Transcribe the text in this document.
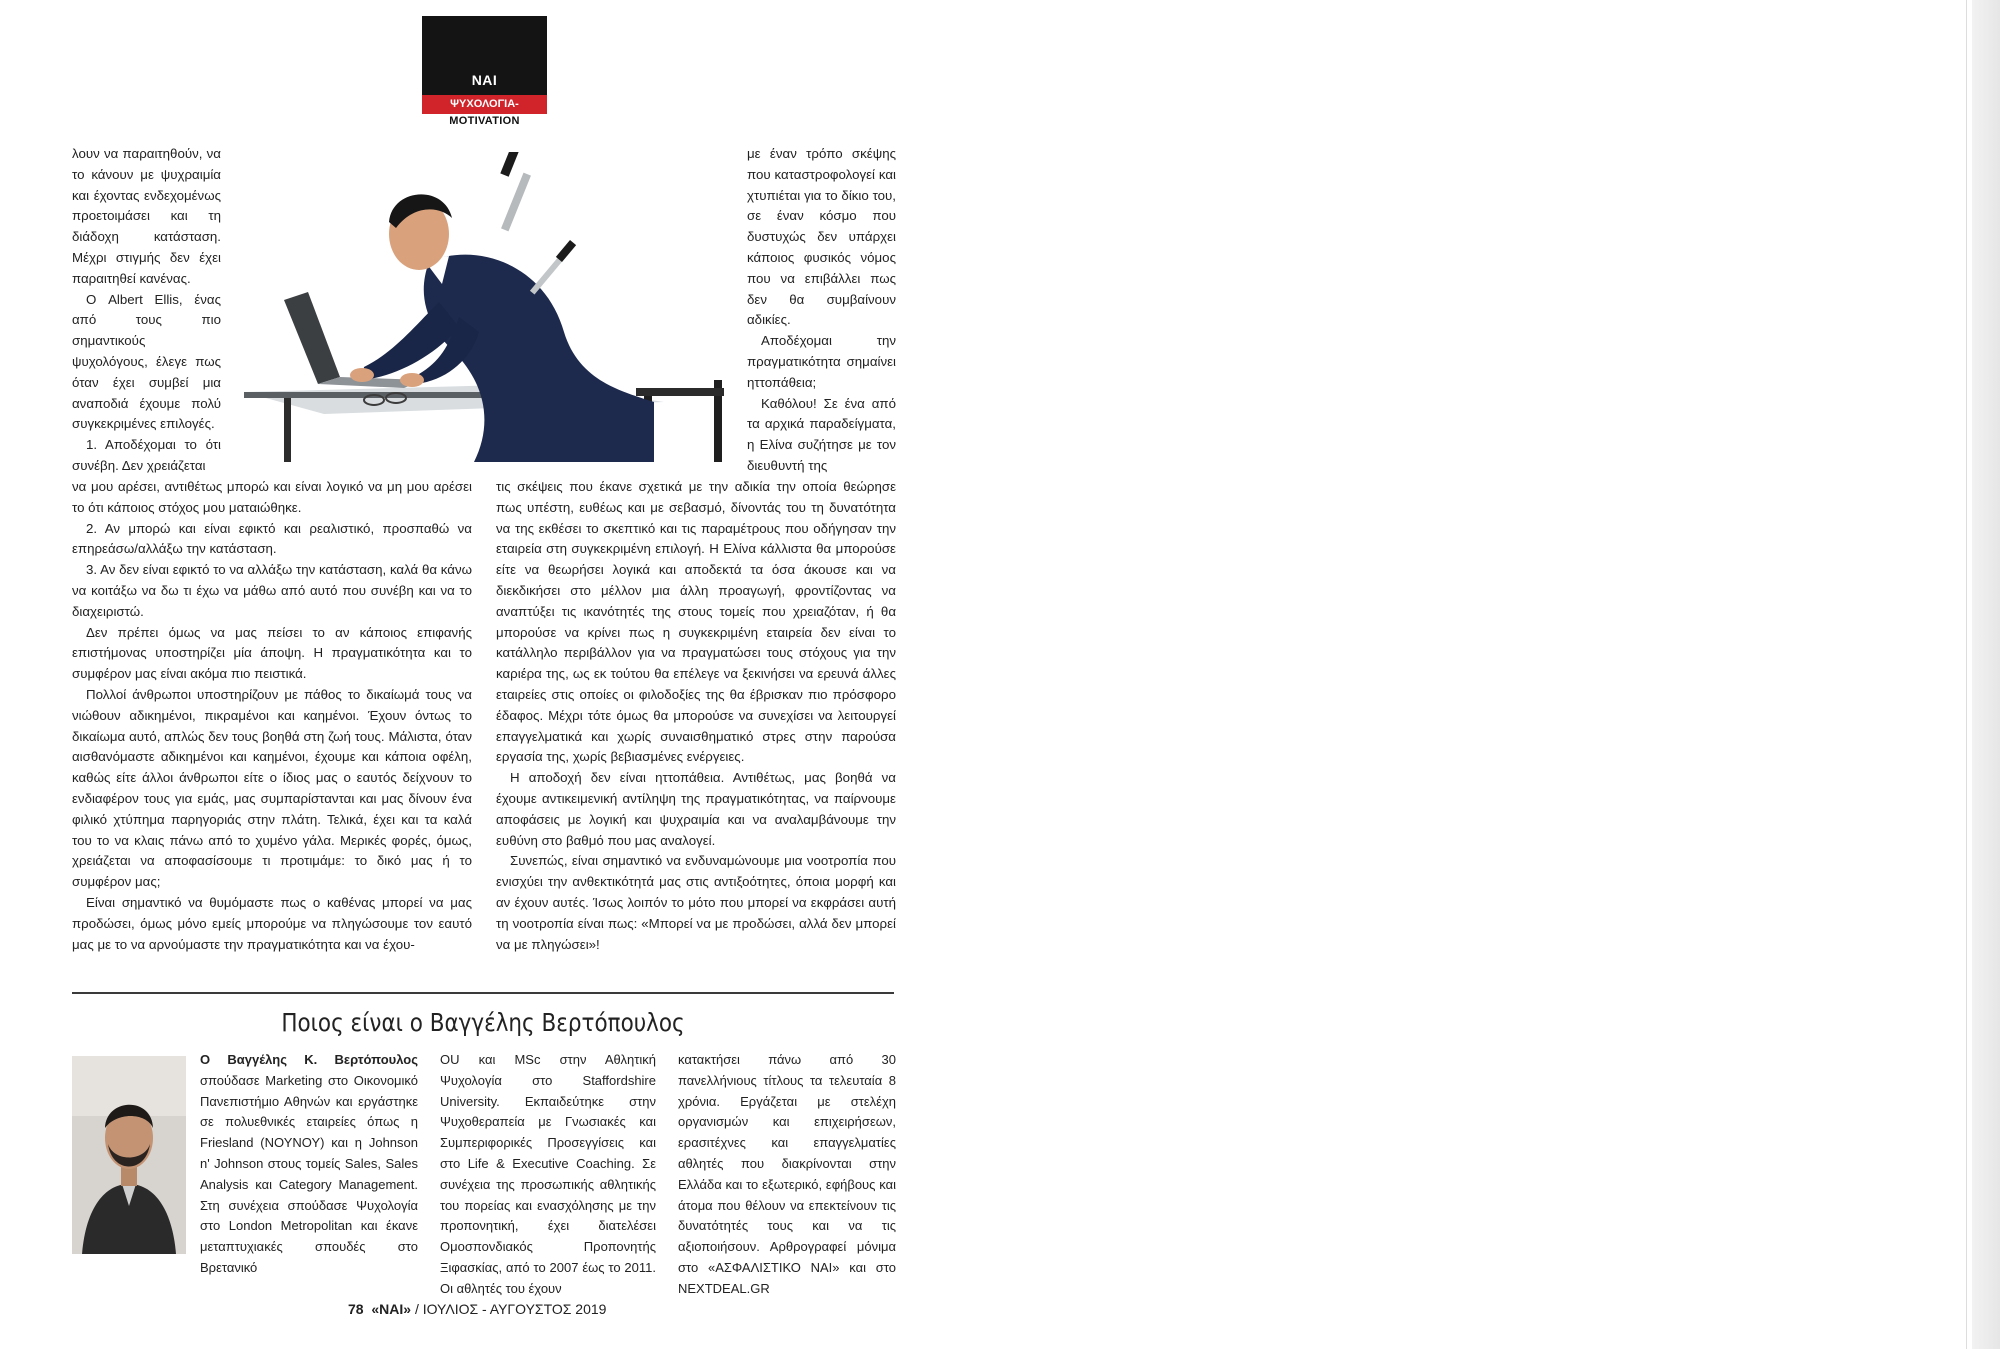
NAI
ΨΥΧΟΛΟΓΙΑ-
MOTIVATION

λουν να παραιτηθούν, να το κάνουν με ψυχραιμία και έχοντας ενδεχομένως προετοιμάσει και τη διάδοχη κατάσταση. Μέχρι στιγμής δεν έχει παραιτηθεί κανένας.

Ο Albert Ellis, ένας από τους πιο σημαντικούς ψυχολόγους, έλεγε πως όταν έχει συμβεί μια αναποδιά έχουμε πολύ συγκεκριμένες επιλογές.

1. Αποδέχομαι το ότι συνέβη. Δεν χρειάζεται

με έναν τρόπο σκέψης που καταστροφολογεί και χτυπιέται για το δίκιο του, σε έναν κόσμο που δυστυχώς δεν υπάρχει κάποιος φυσικός νόμος που να επιβάλλει πως δεν θα συμβαίνουν αδικίες.

Αποδέχομαι την πραγματικότητα σημαίνει ηττοπάθεια;

Καθόλου! Σε ένα από τα αρχικά παραδείγματα, η Ελίνα συζήτησε με τον διευθυντή της

να μου αρέσει, αντιθέτως μπορώ και είναι λογικό να μη μου αρέσει το ότι κάποιος στόχος μου ματαιώθηκε.

2. Αν μπορώ και είναι εφικτό και ρεαλιστικό, προσπαθώ να επηρεάσω/αλλάξω την κατάσταση.

3. Αν δεν είναι εφικτό το να αλλάξω την κατάσταση, καλά θα κάνω να κοιτάξω να δω τι έχω να μάθω από αυτό που συνέβη και να το διαχειριστώ.

Δεν πρέπει όμως να μας πείσει το αν κάποιος επιφανής επιστήμονας υποστηρίζει μία άποψη. Η πραγματικότητα και το συμφέρον μας είναι ακόμα πιο πειστικά.

Πολλοί άνθρωποι υποστηρίζουν με πάθος το δικαίωμά τους να νιώθουν αδικημένοι, πικραμένοι και καημένοι. Έχουν όντως το δικαίωμα αυτό, απλώς δεν τους βοηθά στη ζωή τους. Μάλιστα, όταν αισθανόμαστε αδικημένοι και καημένοι, έχουμε και κάποια οφέλη, καθώς είτε άλλοι άνθρωποι είτε ο ίδιος μας ο εαυτός δείχνουν το ενδιαφέρον τους για εμάς, μας συμπαρίστανται και μας δίνουν ένα φιλικό χτύπημα παρηγοριάς στην πλάτη. Τελικά, έχει και τα καλά του το να κλαις πάνω από το χυμένο γάλα. Μερικές φορές, όμως, χρειάζεται να αποφασίσουμε τι προτιμάμε: το δικό μας ή το συμφέρον μας;

Είναι σημαντικό να θυμόμαστε πως ο καθένας μπορεί να μας προδώσει, όμως μόνο εμείς μπορούμε να πληγώσουμε τον εαυτό μας με το να αρνούμαστε την πραγματικότητα και να έχου-

τις σκέψεις που έκανε σχετικά με την αδικία την οποία θεώρησε πως υπέστη, ευθέως και με σεβασμό, δίνοντάς του τη δυνατότητα να της εκθέσει το σκεπτικό και τις παραμέτρους που οδήγησαν την εταιρεία στη συγκεκριμένη επιλογή. Η Ελίνα κάλλιστα θα μπορούσε είτε να θεωρήσει λογικά και αποδεκτά τα όσα άκουσε και να διεκδικήσει στο μέλλον μια άλλη προαγωγή, φροντίζοντας να αναπτύξει τις ικανότητές της στους τομείς που χρειαζόταν, ή θα μπορούσε να κρίνει πως η συγκεκριμένη εταιρεία δεν είναι το κατάλληλο περιβάλλον για να πραγματώσει τους στόχους για την καριέρα της, ως εκ τούτου θα επέλεγε να ξεκινήσει να ερευνά άλλες εταιρείες στις οποίες οι φιλοδοξίες της θα έβρισκαν πιο πρόσφορο έδαφος. Μέχρι τότε όμως θα μπορούσε να συνεχίσει να λειτουργεί επαγγελματικά και χωρίς συναισθηματικό στρες στην παρούσα εργασία της, χωρίς βεβιασμένες ενέργειες.

Η αποδοχή δεν είναι ηττοπάθεια. Αντιθέτως, μας βοηθά να έχουμε αντικειμενική αντίληψη της πραγματικότητας, να παίρνουμε αποφάσεις με λογική και ψυχραιμία και να αναλαμβάνουμε την ευθύνη στο βαθμό που μας αναλογεί.

Συνεπώς, είναι σημαντικό να ενδυναμώνουμε μια νοοτροπία που ενισχύει την ανθεκτικότητά μας στις αντιξοότητες, όποια μορφή και αν έχουν αυτές. Ίσως λοιπόν το μότο που μπορεί να εκφράσει αυτή τη νοοτροπία είναι πως: «Μπορεί να με προδώσει, αλλά δεν μπορεί να με πληγώσει»!

Ποιος είναι ο Βαγγέλης Βερτόπουλος
Ο Βαγγέλης Κ. Βερτόπουλος σπούδασε Marketing στο Οικονομικό Πανεπιστήμιο Αθηνών και εργάστηκε σε πολυεθνικές εταιρείες όπως η Friesland (ΝΟΥΝΟΥ) και η Johnson n' Johnson στους τομείς Sales, Sales Analysis και Category Management. Στη συνέχεια σπούδασε Ψυχολογία στο London Metropolitan και έκανε μεταπτυχιακές σπουδές στο Βρετανικό
OU και MSc στην Αθλητική Ψυχολογία στο Staffordshire University. Εκπαιδεύτηκε στην Ψυχοθεραπεία με Γνωσιακές και Συμπεριφορικές Προσεγγίσεις και στο Life & Executive Coaching. Σε συνέχεια της προσωπικής αθλητικής του πορείας και ενασχόλησης με την προπονητική, έχει διατελέσει Ομοσπονδιακός Προπονητής Ξιφασκίας, από το 2007 έως το 2011. Οι αθλητές του έχουν
κατακτήσει πάνω από 30 πανελλήνιους τίτλους τα τελευταία 8 χρόνια. Εργάζεται με στελέχη οργανισμών και επιχειρήσεων, ερασιτέχνες και επαγγελματίες αθλητές που διακρίνονται στην Ελλάδα και το εξωτερικό, εφήβους και άτομα που θέλουν να επεκτείνουν τις δυνατότητές τους και να τις αξιοποιήσουν. Αρθρογραφεί μόνιμα στο «ΑΣΦΑΛΙΣΤΙΚΟ ΝΑΙ» και στο NEXTDEAL.GR
78 «ΝΑΙ» / ΙΟΥΛΙΟΣ - ΑΥΓΟΥΣΤΟΣ 2019
